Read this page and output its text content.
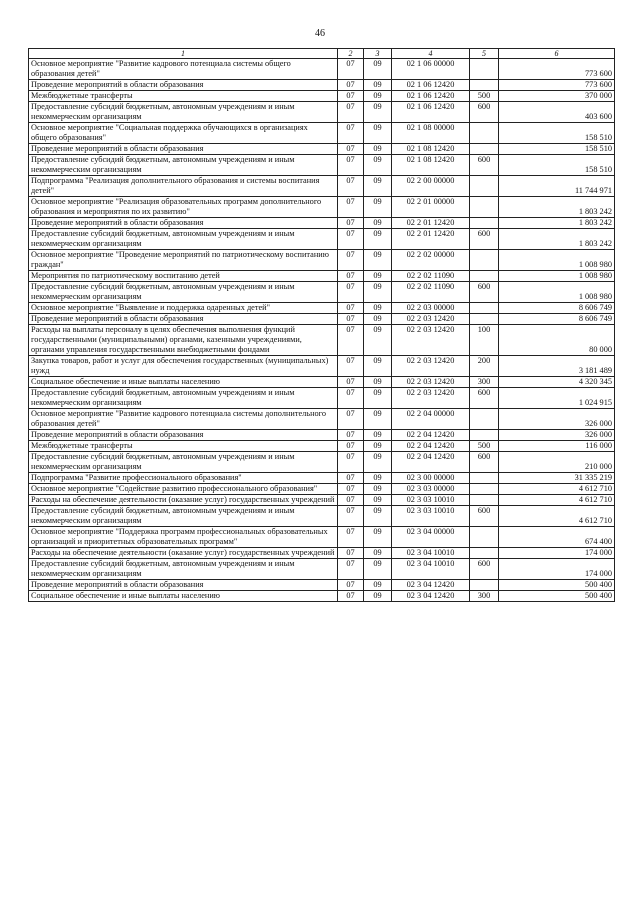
46
1	2	3	4	5	6
Основное мероприятие "Развитие кадрового потенциала системы общего образования детей"	07	09	02 1 06 00000		773 600
Проведение мероприятий в области образования	07	09	02 1 06 12420		773 600
Межбюджетные трансферты	07	09	02 1 06 12420	500	370 000
Предоставление субсидий бюджетным, автономным учреждениям и иным некоммерческим организациям	07	09	02 1 06 12420	600	403 600
Основное мероприятие "Социальная поддержка обучающихся в организациях общего образования"	07	09	02 1 08 00000		158 510
Проведение мероприятий в области образования	07	09	02 1 08 12420		158 510
Предоставление субсидий бюджетным, автономным учреждениям и иным некоммерческим организациям	07	09	02 1 08 12420	600	158 510
Подпрограмма "Реализация дополнительного образования и системы воспитания детей"	07	09	02 2 00 00000		11 744 971
Основное мероприятие "Реализация образовательных программ дополнительного образования и мероприятия по их развитию"	07	09	02 2 01 00000		1 803 242
Проведение мероприятий в области образования	07	09	02 2 01 12420		1 803 242
Предоставление субсидий бюджетным, автономным учреждениям и иным некоммерческим организациям	07	09	02 2 01 12420	600	1 803 242
Основное мероприятие "Проведение мероприятий по патриотическому воспитанию граждан"	07	09	02 2 02 00000		1 008 980
Мероприятия по патриотическому воспитанию детей	07	09	02 2 02 11090		1 008 980
Предоставление субсидий бюджетным, автономным учреждениям и иным некоммерческим организациям	07	09	02 2 02 11090	600	1 008 980
Основное мероприятие "Выявление и поддержка одаренных детей"	07	09	02 2 03 00000		8 606 749
Проведение мероприятий в области образования	07	09	02 2 03 12420		8 606 749
Расходы на выплаты персоналу в целях обеспечения выполнения функций государственными (муниципальными) органами, казенными учреждениями, органами управления государственными внебюджетными фондами	07	09	02 2 03 12420	100	80 000
Закупка товаров, работ и услуг для обеспечения государственных (муниципальных) нужд	07	09	02 2 03 12420	200	3 181 489
Социальное обеспечение и иные выплаты населению	07	09	02 2 03 12420	300	4 320 345
Предоставление субсидий бюджетным, автономным учреждениям и иным некоммерческим организациям	07	09	02 2 03 12420	600	1 024 915
Основное мероприятие "Развитие кадрового потенциала системы дополнительного образования детей"	07	09	02 2 04 00000		326 000
Проведение мероприятий в области образования	07	09	02 2 04 12420		326 000
Межбюджетные трансферты	07	09	02 2 04 12420	500	116 000
Предоставление субсидий бюджетным, автономным учреждениям и иным некоммерческим организациям	07	09	02 2 04 12420	600	210 000
Подпрограмма "Развитие профессионального образования"	07	09	02 3 00 00000		31 335 219
Основное мероприятие "Содействие развитию профессионального образования"	07	09	02 3 03 00000		4 612 710
Расходы на обеспечение деятельности (оказание услуг) государственных учреждений	07	09	02 3 03 10010		4 612 710
Предоставление субсидий бюджетным, автономным учреждениям и иным некоммерческим организациям	07	09	02 3 03 10010	600	4 612 710
Основное мероприятие "Поддержка программ профессиональных образовательных организаций и приоритетных образовательных программ"	07	09	02 3 04 00000		674 400
Расходы на обеспечение деятельности (оказание услуг) государственных учреждений	07	09	02 3 04 10010		174 000
Предоставление субсидий бюджетным, автономным учреждениям и иным некоммерческим организациям	07	09	02 3 04 10010	600	174 000
Проведение мероприятий в области образования	07	09	02 3 04 12420		500 400
Социальное обеспечение и иные выплаты населению	07	09	02 3 04 12420	300	500 400
